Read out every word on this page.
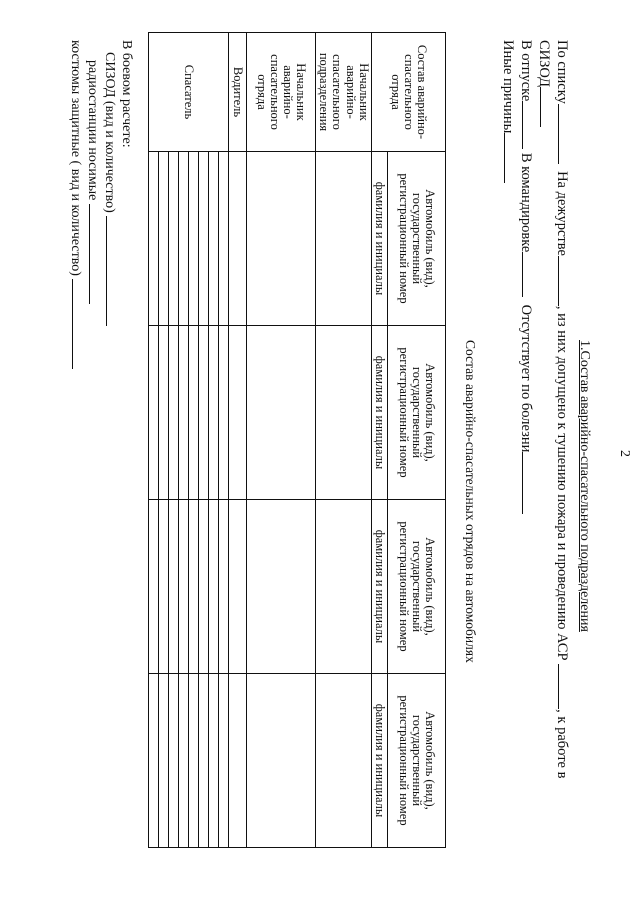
2
1.Состав аварийно-спасательного подразделения
По списку  На дежурстве, из них допущено к тушению пожара и проведению АСР , к работе в
СИЗОД
В отпуске В командировке  Отсутствует по болезни
Иные причины
Состав аварийно-спасательных отрядов на автомобилях
Состав аварийно-спасательного отряда	Автомобиль (вид), государственный регистрационный номер	Автомобиль (вид), государственный регистрационный номер	Автомобиль (вид), государственный регистрационный номер	Автомобиль (вид), государственный регистрационный номер
	фамилия и инициалы	фамилия и инициалы	фамилия и инициалы	фамилия и инициалы
Начальник аварийно-спасательного подразделения				
Начальник аварийно-спасательного отряда				
Водитель				
Спасатель				

В боевом расчете:
СИЗОД (вид и количество)
радиостанции носимые
костюмы защитные ( вид и количество)
